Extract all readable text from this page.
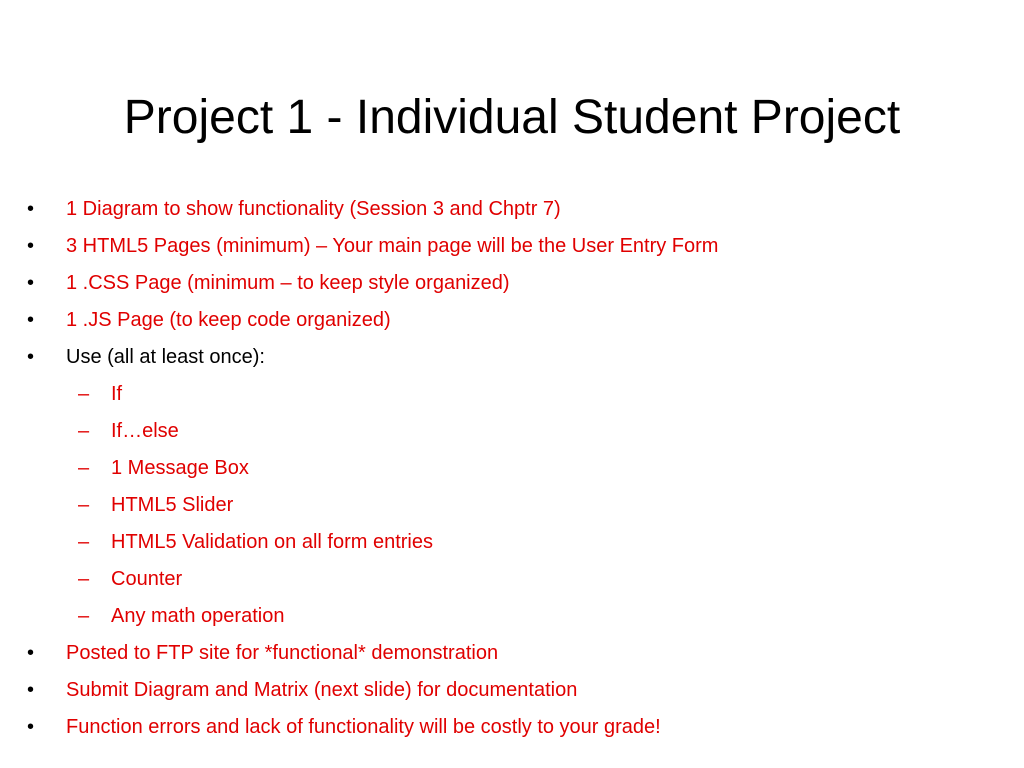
Project 1 - Individual Student Project
• 1 Diagram to show functionality (Session 3 and Chptr 7)
• 3 HTML5 Pages (minimum) – Your main page will be the User Entry Form
• 1 .CSS Page (minimum – to keep style organized)
• 1 .JS Page (to keep code organized)
• Use (all at least once):
– If
– If…else
– 1 Message Box
– HTML5 Slider
– HTML5 Validation on all form entries
– Counter
– Any math operation
• Posted to FTP site for *functional* demonstration
• Submit Diagram and Matrix (next slide) for documentation
• Function errors and lack of functionality will be costly to your grade!
